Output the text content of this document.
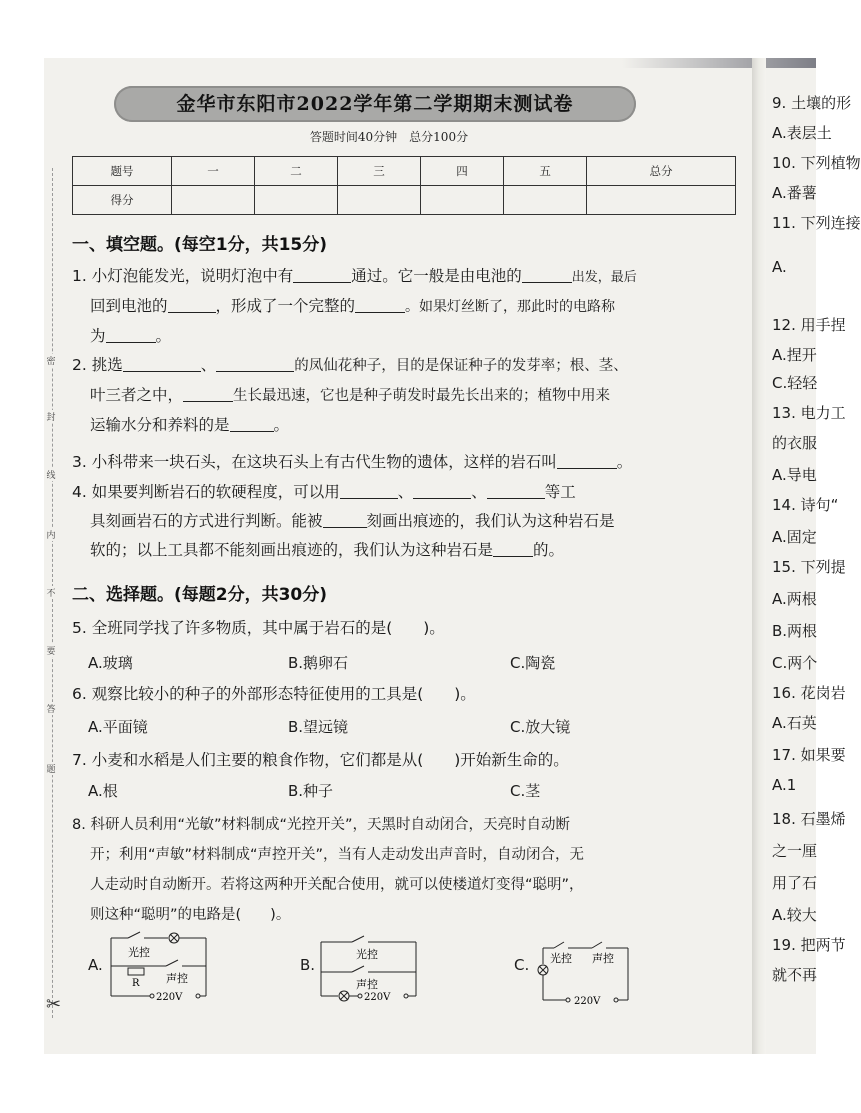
密
封
线
内
不
要
答
题
✂
金华市东阳市2022学年第二学期期末测试卷
答题时间40分钟　总分100分
题号	一	二	三	四	五	总分
得分						
一、填空题。(每空1分，共15分)
1. 小灯泡能发光，说明灯泡中有	通过。它一般是由电池的	出发，最后
回到电池的	，形成了一个完整的	。如果灯丝断了，那此时的电路称
为	。
2. 挑选	、	的凤仙花种子，目的是保证种子的发芽率；根、茎、
叶三者之中，	生长最迅速，它也是种子萌发时最先长出来的；植物中用来
运输水分和养料的是	。
3. 小科带来一块石头，在这块石头上有古代生物的遗体，这样的岩石叫	。
4. 如果要判断岩石的软硬程度，可以用	、	、	等工
具刻画岩石的方式进行判断。能被	刻画出痕迹的，我们认为这种岩石是
软的；以上工具都不能刻画出痕迹的，我们认为这种岩石是	的。
二、选择题。(每题2分，共30分)
5. 全班同学找了许多物质，其中属于岩石的是(　　)。
A.玻璃	B.鹅卵石	C.陶瓷
6. 观察比较小的种子的外部形态特征使用的工具是(　　)。
A.平面镜	B.望远镜	C.放大镜
7. 小麦和水稻是人们主要的粮食作物，它们都是从(　　)开始新生命的。
A.根	B.种子	C.茎
8. 科研人员利用“光敏”材料制成“光控开关”，天黑时自动闭合，天亮时自动断
开；利用“声敏”材料制成“声控开关”，当有人走动发出声音时，自动闭合，无
人走动时自动断开。若将这两种开关配合使用，就可以使楼道灯变得“聪明”，
则这种“聪明”的电路是(　　)。
A.	B.	C.
光控
R 声控
220V
光控
声控
220V
光控 声控
220V
9. 土壤的形
A.表层土
10. 下列植物
A.番薯
11. 下列连接
A.
12. 用手捏
A.捏开
C.轻轻
13. 电力工
的衣服
A.导电
14. 诗句“
A.固定
15. 下列提
A.两根
B.两根
C.两个
16. 花岗岩
A.石英
17. 如果要
A.1
18. 石墨烯
之一厘
用了石
A.较大
19. 把两节
就不再
